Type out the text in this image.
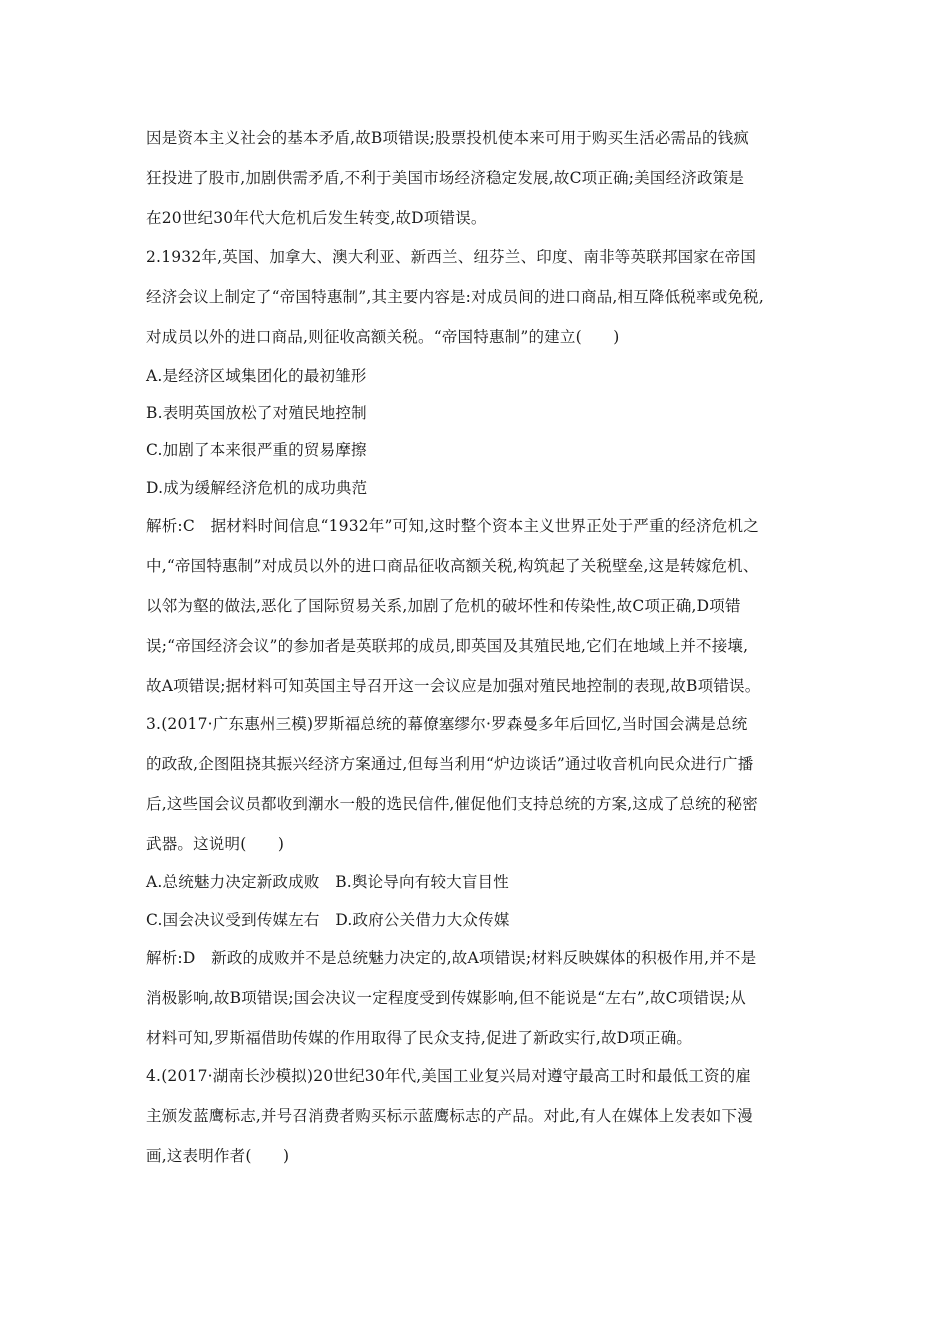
因是资本主义社会的基本矛盾,故B项错误;股票投机使本来可用于购买生活必需品的钱疯
狂投进了股市,加剧供需矛盾,不利于美国市场经济稳定发展,故C项正确;美国经济政策是
在20世纪30年代大危机后发生转变,故D项错误。
2.1932年,英国、加拿大、澳大利亚、新西兰、纽芬兰、印度、南非等英联邦国家在帝国
经济会议上制定了“帝国特惠制”,其主要内容是:对成员间的进口商品,相互降低税率或免税,
对成员以外的进口商品,则征收高额关税。“帝国特惠制”的建立(　　)
A.是经济区域集团化的最初雏形
B.表明英国放松了对殖民地控制
C.加剧了本来很严重的贸易摩擦
D.成为缓解经济危机的成功典范
解析:C　据材料时间信息“1932年”可知,这时整个资本主义世界正处于严重的经济危机之
中,“帝国特惠制”对成员以外的进口商品征收高额关税,构筑起了关税壁垒,这是转嫁危机、
以邻为壑的做法,恶化了国际贸易关系,加剧了危机的破坏性和传染性,故C项正确,D项错
误;“帝国经济会议”的参加者是英联邦的成员,即英国及其殖民地,它们在地域上并不接壤,
故A项错误;据材料可知英国主导召开这一会议应是加强对殖民地控制的表现,故B项错误。
3.(2017·广东惠州三模)罗斯福总统的幕僚塞缪尔·罗森曼多年后回忆,当时国会满是总统
的政敌,企图阻挠其振兴经济方案通过,但每当利用“炉边谈话”通过收音机向民众进行广播
后,这些国会议员都收到潮水一般的选民信件,催促他们支持总统的方案,这成了总统的秘密
武器。这说明(　　)
A.总统魅力决定新政成败　B.舆论导向有较大盲目性
C.国会决议受到传媒左右　D.政府公关借力大众传媒
解析:D　新政的成败并不是总统魅力决定的,故A项错误;材料反映媒体的积极作用,并不是
消极影响,故B项错误;国会决议一定程度受到传媒影响,但不能说是“左右”,故C项错误;从
材料可知,罗斯福借助传媒的作用取得了民众支持,促进了新政实行,故D项正确。
4.(2017·湖南长沙模拟)20世纪30年代,美国工业复兴局对遵守最高工时和最低工资的雇
主颁发蓝鹰标志,并号召消费者购买标示蓝鹰标志的产品。对此,有人在媒体上发表如下漫
画,这表明作者(　　)
